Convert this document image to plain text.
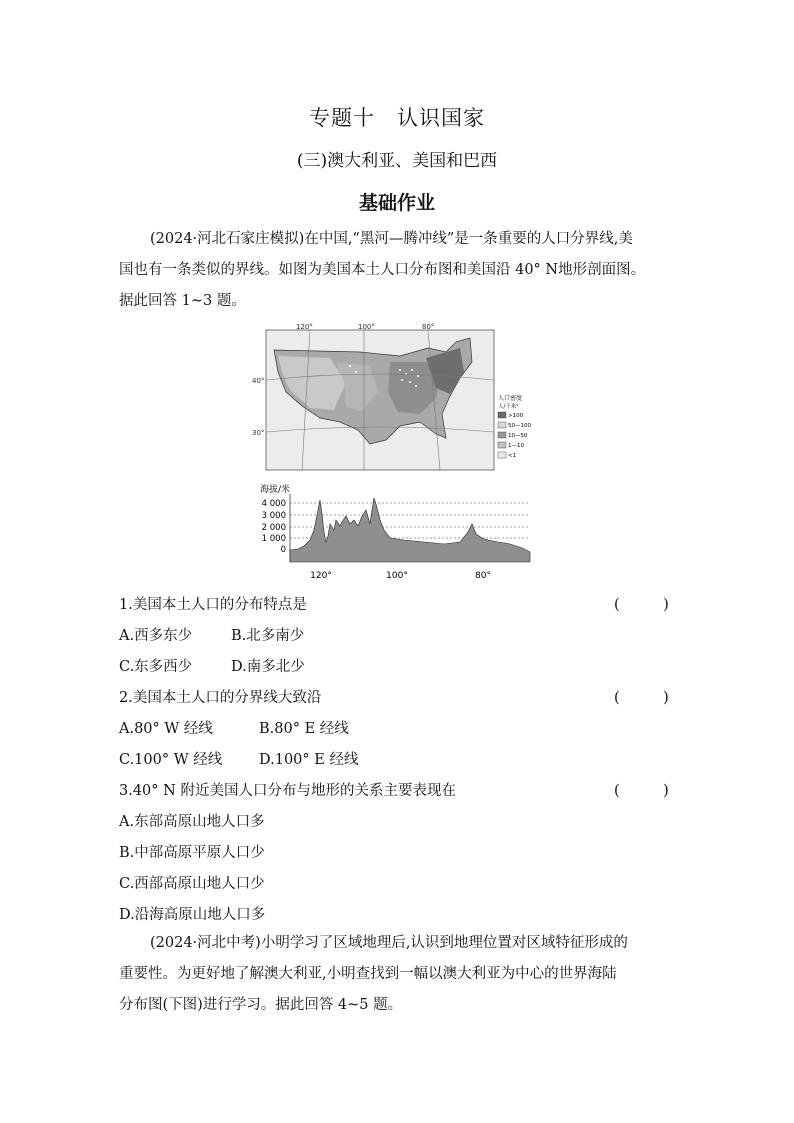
专题十　认识国家
(三)澳大利亚、美国和巴西
基础作业
(2024·河北石家庄模拟)在中国,“黑河—腾冲线”是一条重要的人口分界线,美
国也有一条类似的界线。如图为美国本土人口分布图和美国沿 40° N地形剖面图。
据此回答 1~3 题。
120°	100°	80°
40°
30°
人口密度
人/千米²
>100
50—100
10—50
1—10
<1
海拔/米
4 000
3 000
2 000
1 000
0
120°	100°	80°
1.美国本土人口的分布特点是	(　　　)
A.西多东少	B.北多南少
C.东多西少	D.南多北少
2.美国本土人口的分界线大致沿	(　　　)
A.80° W 经线	B.80° E 经线
C.100° W 经线	D.100° E 经线
3.40° N 附近美国人口分布与地形的关系主要表现在	(　　　)
A.东部高原山地人口多
B.中部高原平原人口少
C.西部高原山地人口少
D.沿海高原山地人口多
(2024·河北中考)小明学习了区域地理后,认识到地理位置对区域特征形成的
重要性。为更好地了解澳大利亚,小明查找到一幅以澳大利亚为中心的世界海陆
分布图(下图)进行学习。据此回答 4~5 题。
